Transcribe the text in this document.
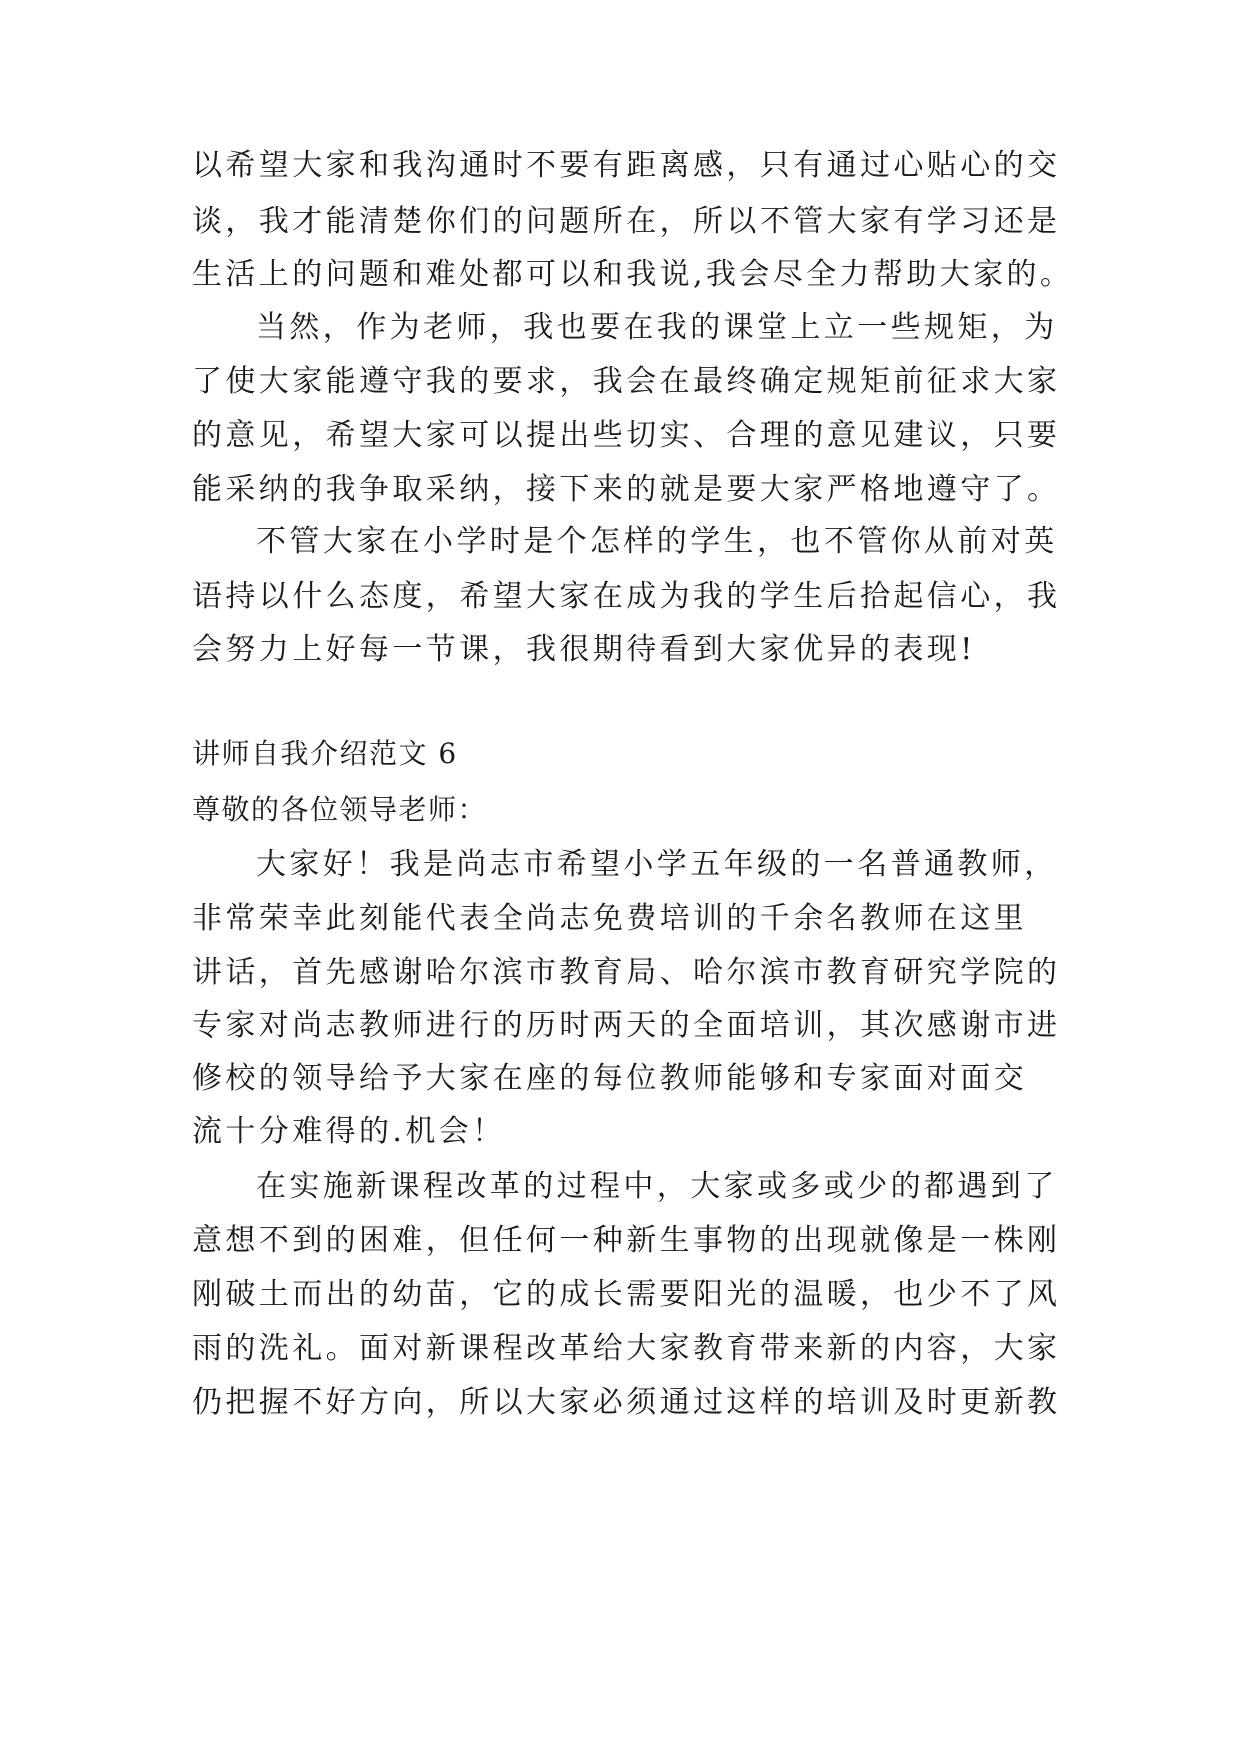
以希望大家和我沟通时不要有距离感，只有通过心贴心的交
谈，我才能清楚你们的问题所在，所以不管大家有学习还是
生活上的问题和难处都可以和我说,我会尽全力帮助大家的。
当然，作为老师，我也要在我的课堂上立一些规矩，为
了使大家能遵守我的要求，我会在最终确定规矩前征求大家
的意见，希望大家可以提出些切实、合理的意见建议，只要
能采纳的我争取采纳，接下来的就是要大家严格地遵守了。
不管大家在小学时是个怎样的学生，也不管你从前对英
语持以什么态度，希望大家在成为我的学生后拾起信心，我
会努力上好每一节课，我很期待看到大家优异的表现!
讲师自我介绍范文 6
尊敬的各位领导老师：
大家好！我是尚志市希望小学五年级的一名普通教师，
非常荣幸此刻能代表全尚志免费培训的千余名教师在这里
讲话，首先感谢哈尔滨市教育局、哈尔滨市教育研究学院的
专家对尚志教师进行的历时两天的全面培训，其次感谢市进
修校的领导给予大家在座的每位教师能够和专家面对面交
流十分难得的.机会！
在实施新课程改革的过程中，大家或多或少的都遇到了
意想不到的困难，但任何一种新生事物的出现就像是一株刚
刚破土而出的幼苗，它的成长需要阳光的温暖，也少不了风
雨的洗礼。面对新课程改革给大家教育带来新的内容，大家
仍把握不好方向，所以大家必须通过这样的培训及时更新教
